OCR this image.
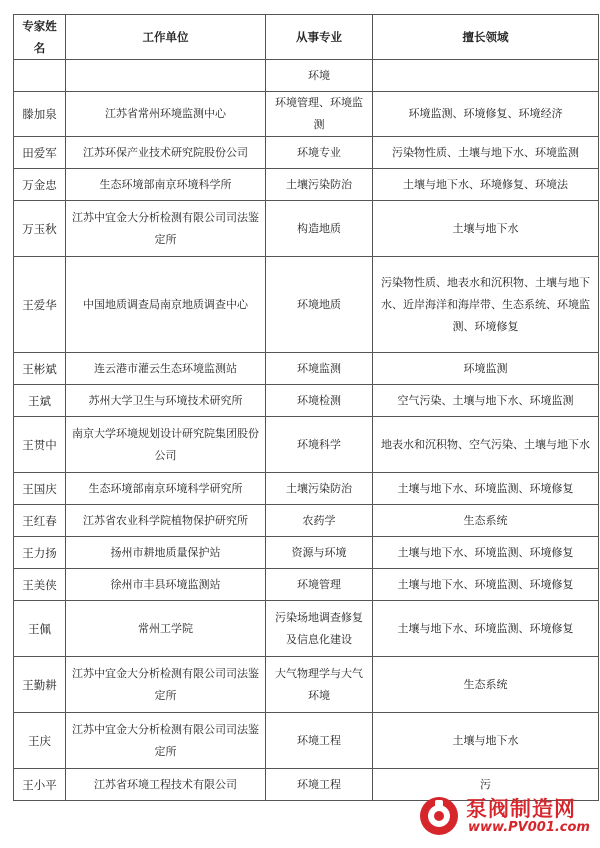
专家姓名	工作单位	从事专业	擅长领域
		环境	
滕加泉	江苏省常州环境监测中心	环境管理、环境监测	环境监测、环境修复、环境经济
田爱军	江苏环保产业技术研究院股份公司	环境专业	污染物性质、土壤与地下水、环境监测
万金忠	生态环境部南京环境科学所	土壤污染防治	土壤与地下水、环境修复、环境法
万玉秋	江苏中宜金大分析检测有限公司司法鉴定所	构造地质	土壤与地下水
王爱华	中国地质调查局南京地质调查中心	环境地质	污染物性质、地表水和沉积物、土壤与地下水、近岸海洋和海岸带、生态系统、环境监测、环境修复
王彬斌	连云港市灌云生态环境监测站	环境监测	环境监测
王斌	苏州大学卫生与环境技术研究所	环境检测	空气污染、土壤与地下水、环境监测
王贯中	南京大学环境规划设计研究院集团股份公司	环境科学	地表水和沉积物、空气污染、土壤与地下水
王国庆	生态环境部南京环境科学研究所	土壤污染防治	土壤与地下水、环境监测、环境修复
王红春	江苏省农业科学院植物保护研究所	农药学	生态系统
王力扬	扬州市耕地质量保护站	资源与环境	土壤与地下水、环境监测、环境修复
王美侠	徐州市丰县环境监测站	环境管理	土壤与地下水、环境监测、环境修复
王佩	常州工学院	污染场地调查修复及信息化建设	土壤与地下水、环境监测、环境修复
王勤耕	江苏中宜金大分析检测有限公司司法鉴定所	大气物理学与大气环境	生态系统
王庆	江苏中宜金大分析检测有限公司司法鉴定所	环境工程	土壤与地下水
王小平	江苏省环境工程技术有限公司	环境工程	污
泵阀制造网
www.PV001.com
